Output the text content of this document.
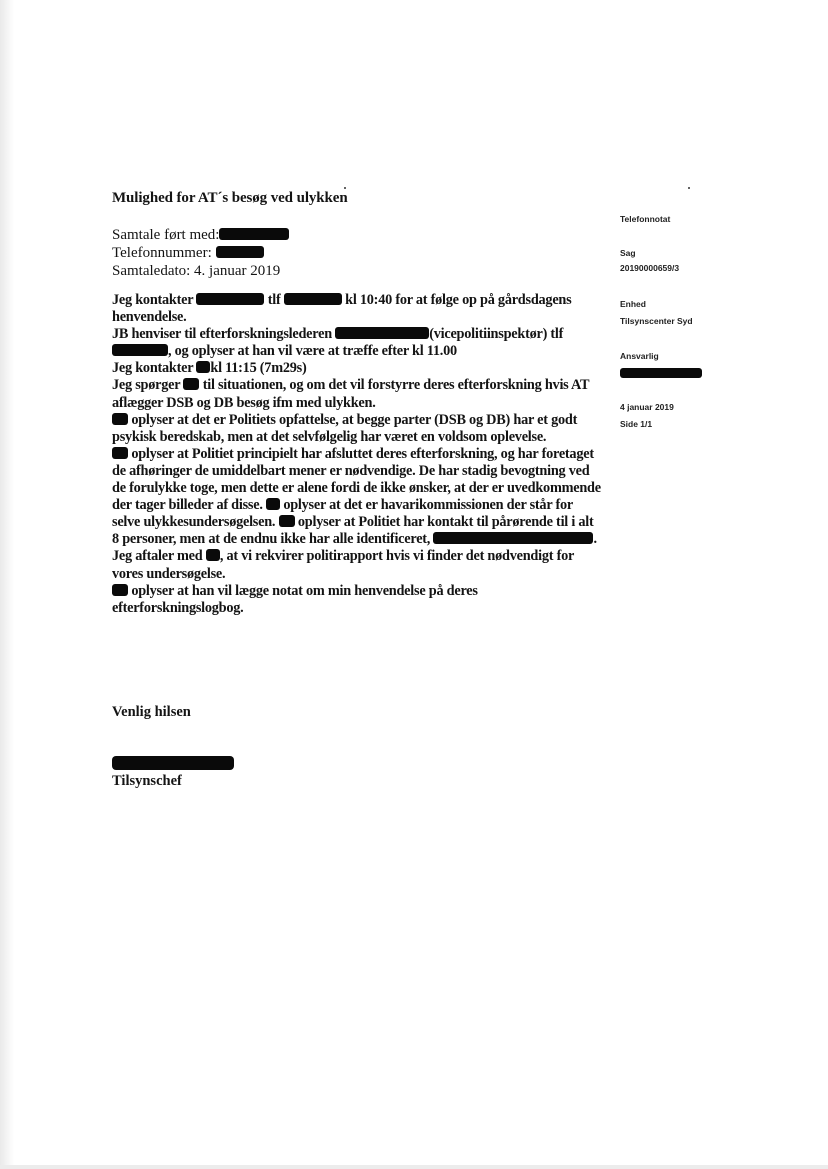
Mulighed for AT´s besøg ved ulykken
Samtale ført med:
Telefonnummer:
Samtaledato: 4. januar 2019

Jeg kontakter	tlf	kl 10:40 for at følge op på gårdsdagens henvendelse.

JB henviser til efterforskningslederen	(vicepolitiinspektør) tlf , og oplyser at han vil være at træffe efter kl 11.00

Jeg kontakter kl 11:15 (7m29s)

Jeg spørger til situationen, og om det vil forstyrre deres efterforskning hvis AT aflægger DSB og DB besøg ifm med ulykken.

oplyser at det er Politiets opfattelse, at begge parter (DSB og DB) har et godt psykisk beredskab, men at det selvfølgelig har været en voldsom oplevelse.

oplyser at Politiet principielt har afsluttet deres efterforskning, og har foretaget de afhøringer de umiddelbart mener er nødvendige. De har stadig bevogtning ved de forulykke toge, men dette er alene fordi de ikke ønsker, at der er uvedkommende der tager billeder af disse. oplyser at det er havarikommissionen der står for selve ulykkesundersøgelsen. oplyser at Politiet har kontakt til pårørende til i alt 8 personer, men at de endnu ikke har alle identificeret,	. Jeg aftaler med , at vi rekvirer politirapport hvis vi finder det nødvendigt for vores undersøgelse.

oplyser at han vil lægge notat om min henvendelse på deres efterforskningslogbog.

Venlig hilsen
Tilsynschef
Telefonnotat
Sag
20190000659/3
Enhed
Tilsynscenter Syd
Ansvarlig
4 januar 2019
Side 1/1
